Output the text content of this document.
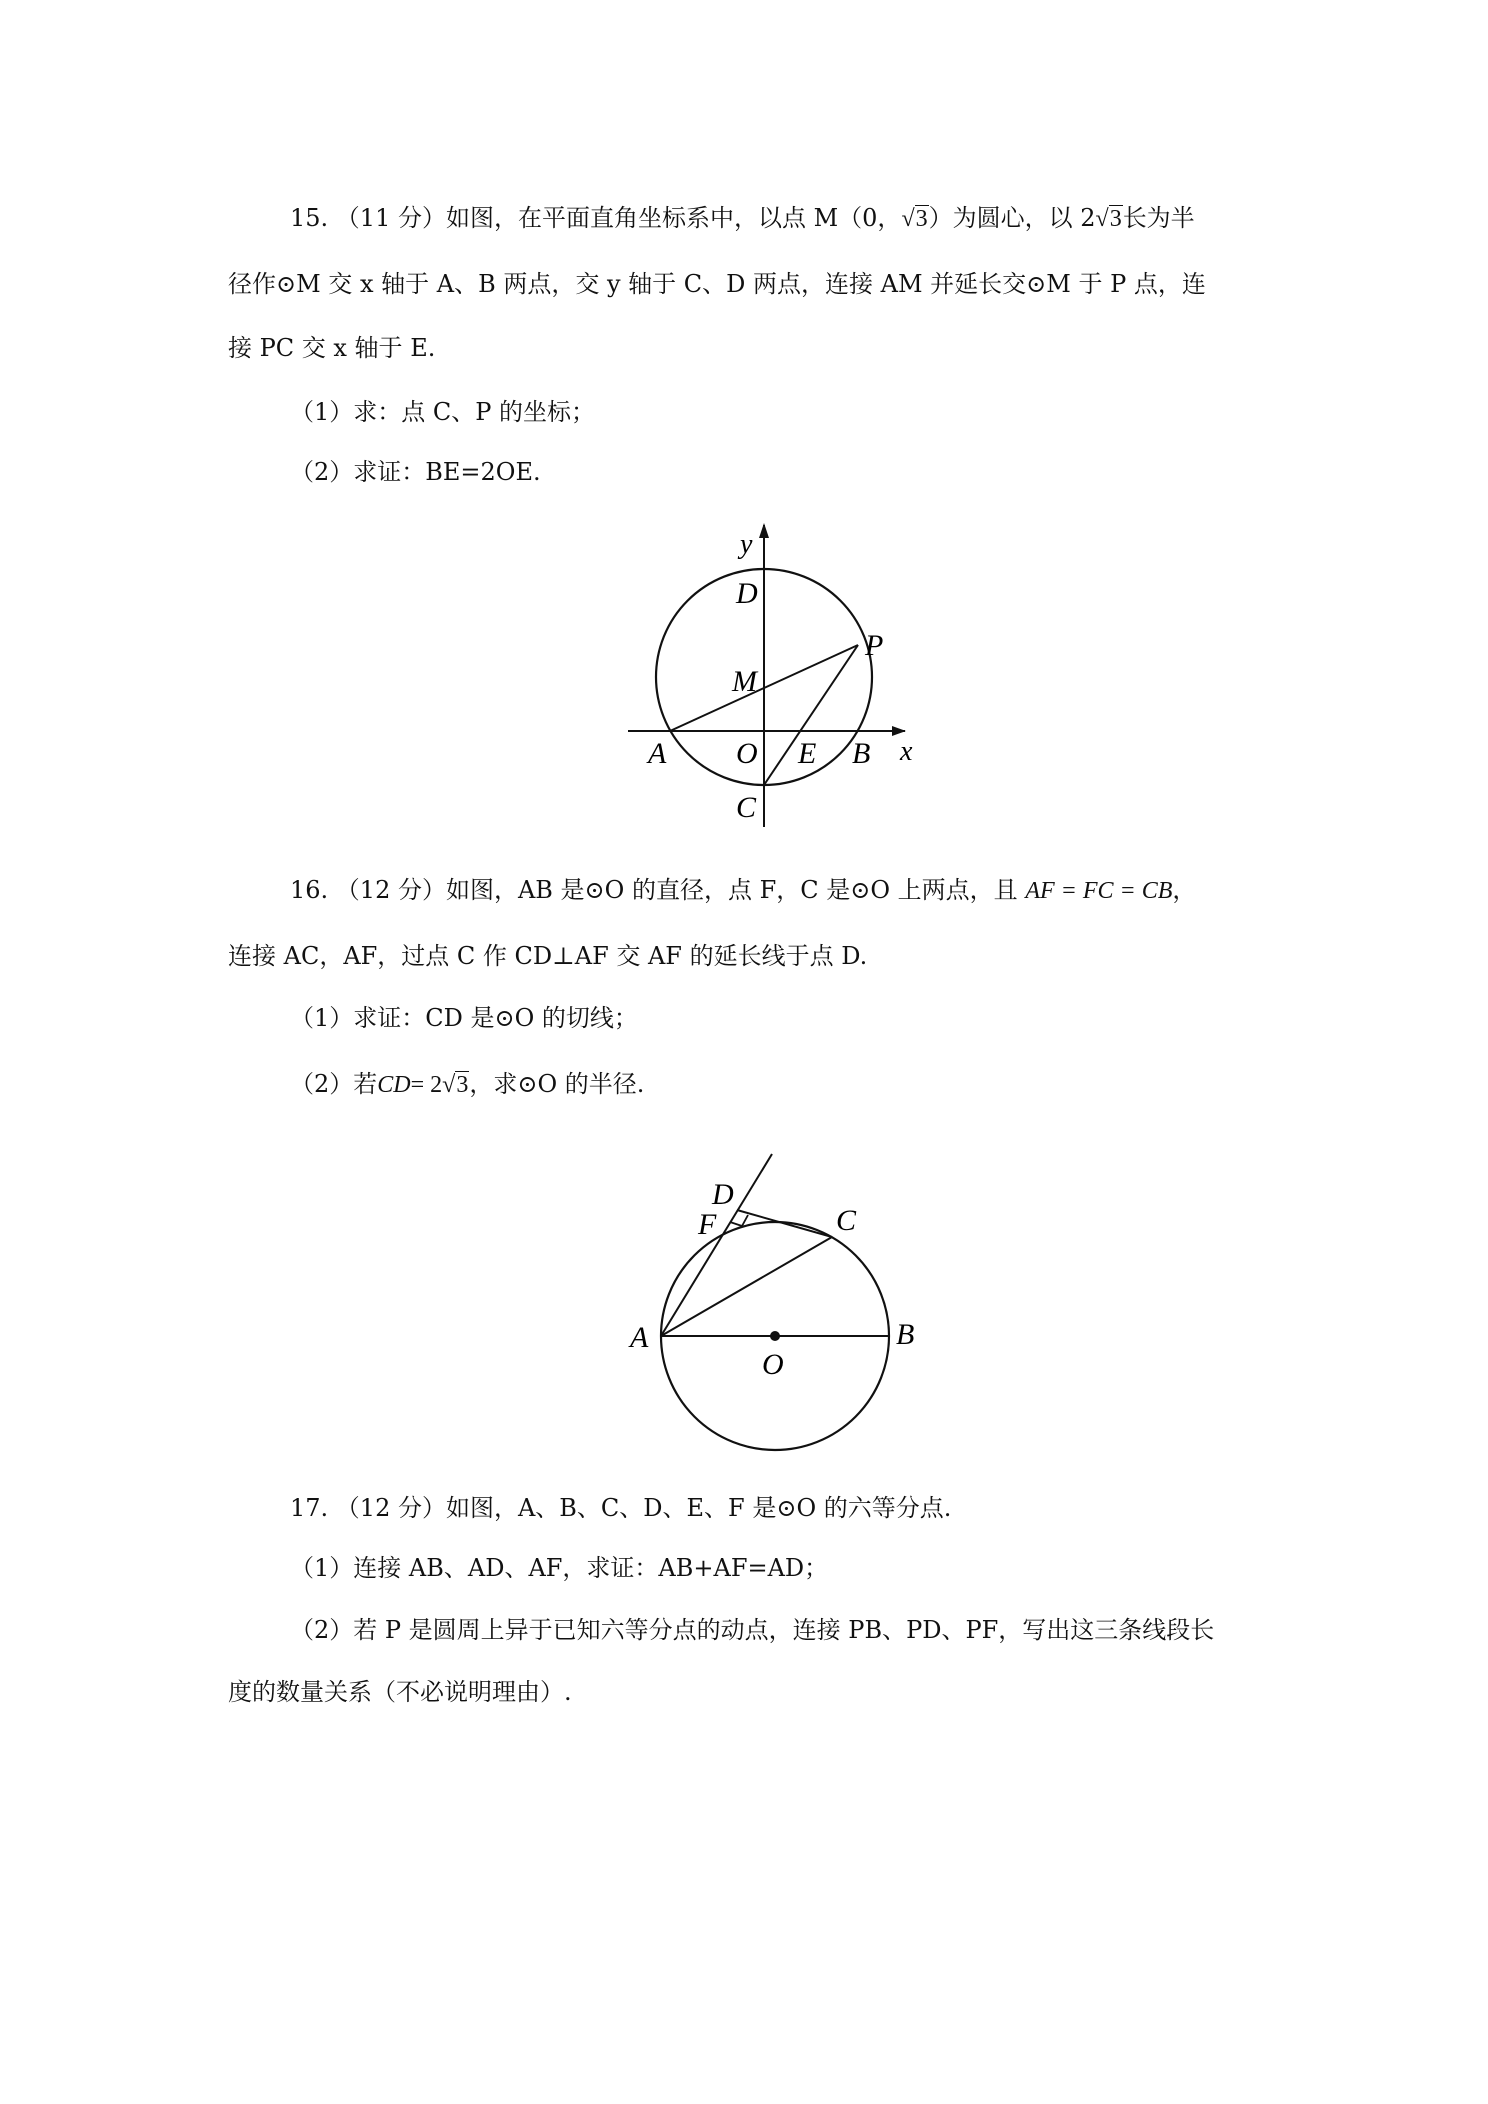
15. （11 分）如图，在平面直角坐标系中，以点 M（0，√3）为圆心，以 2√3长为半

径作⊙M 交 x 轴于 A、B 两点，交 y 轴于 C、D 两点，连接 AM 并延长交⊙M 于 P 点，连

接 PC 交 x 轴于 E.

（1）求：点 C、P 的坐标；

（2）求证：BE=2OE.

y
D
M
P
A O E B x
C

16. （12 分）如图，AB 是⊙O 的直径，点 F，C 是⊙O 上两点，且 AF = FC = CB，

连接 AC，AF，过点 C 作 CD⊥AF 交 AF 的延长线于点 D.

（1）求证：CD 是⊙O 的切线；

（2）若CD= 2√3，求⊙O 的半径.

D
F	C
A
O
B

17. （12 分）如图，A、B、C、D、E、F 是⊙O 的六等分点.

（1）连接 AB、AD、AF，求证：AB+AF=AD；

（2）若 P 是圆周上异于已知六等分点的动点，连接 PB、PD、PF，写出这三条线段长

度的数量关系（不必说明理由）.
